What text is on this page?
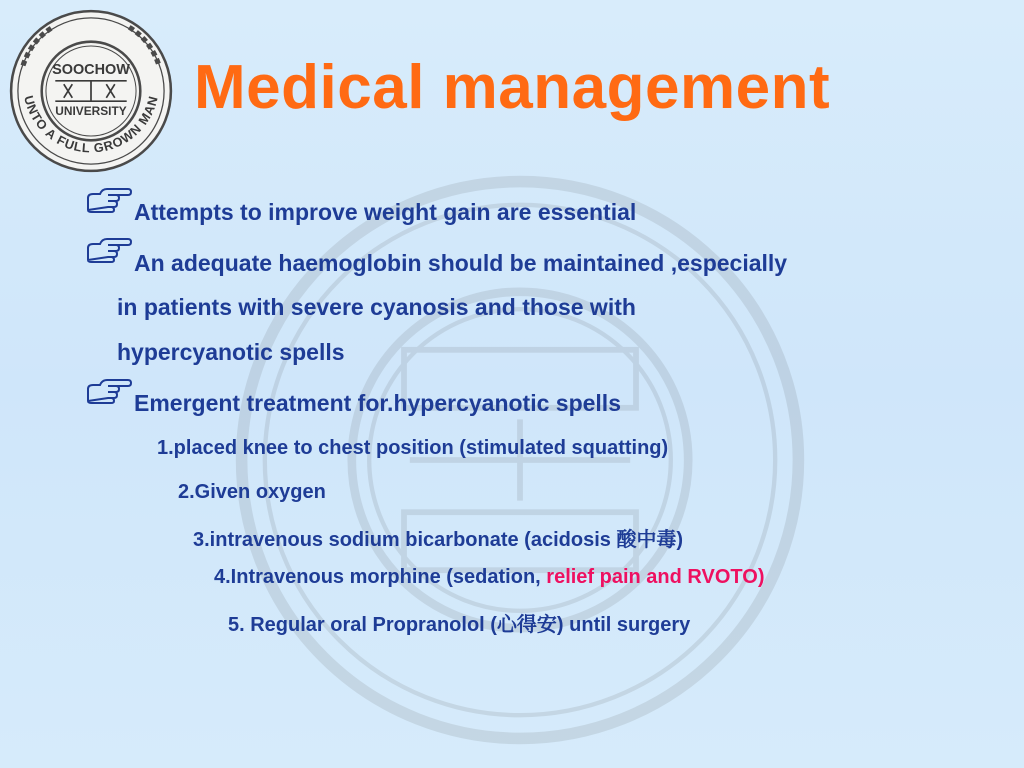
UNTO A FULL GROWN MAN
SOOCHOW
UNIVERSITY Medical management
Attempts to improve weight gain are essential
An adequate haemoglobin should be maintained ,especially
in patients with severe cyanosis and those with
hypercyanotic spells
Emergent treatment for.hypercyanotic spells
1.placed knee to chest position (stimulated squatting)
2.Given oxygen
3.intravenous sodium bicarbonate (acidosis 酸中毒)
4.Intravenous morphine (sedation, relief pain and RVOTO)
5. Regular oral Propranolol (心得安) until surgery
